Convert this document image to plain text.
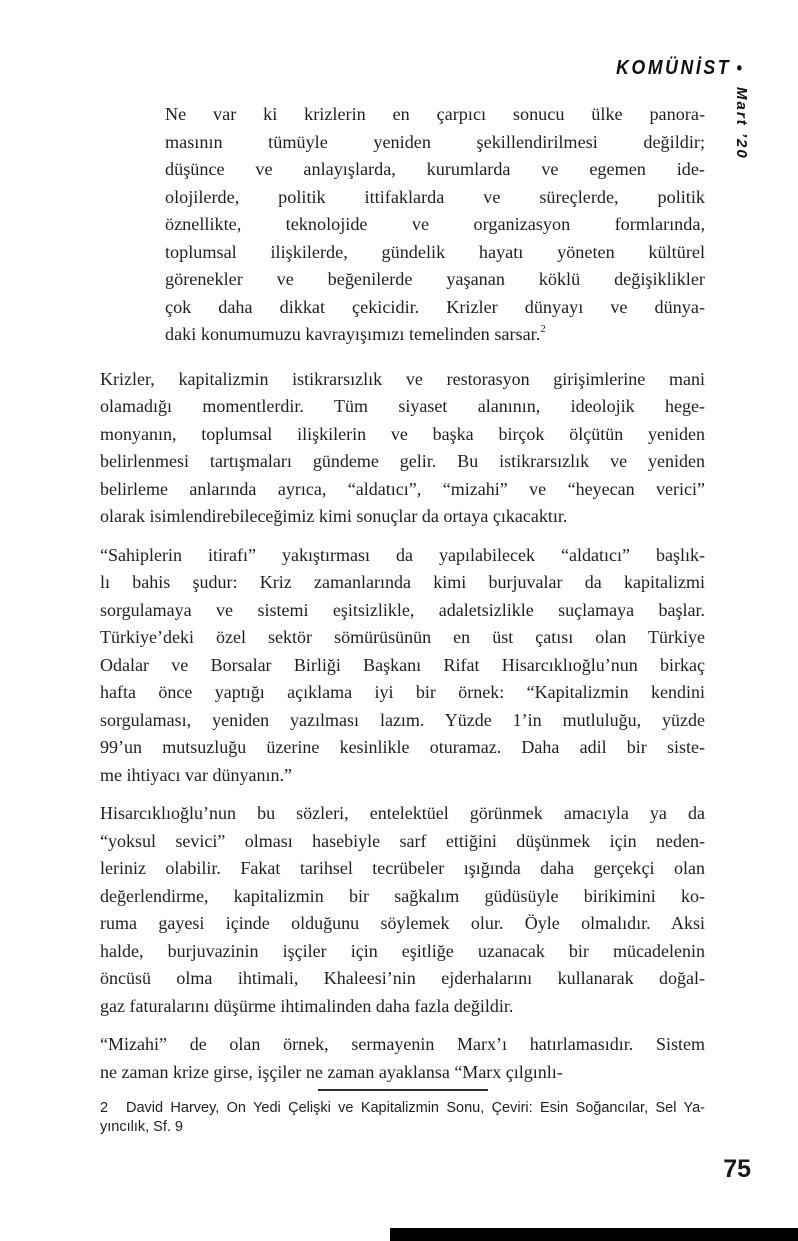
KOMÜNİST •
Mart ’20
Ne var ki krizlerin en çarpıcı sonucu ülke panora-
masının tümüyle yeniden şekillendirilmesi değildir;
düşünce ve anlayışlarda, kurumlarda ve egemen ide-
olojilerde, politik ittifaklarda ve süreçlerde, politik
öznellikte, teknolojide ve organizasyon formlarında,
toplumsal ilişkilerde, gündelik hayatı yöneten kültürel
görenekler ve beğenilerde yaşanan köklü değişiklikler
çok daha dikkat çekicidir. Krizler dünyayı ve dünya-
daki konumumuzu kavrayışımızı temelinden sarsar.$^2$
Krizler, kapitalizmin istikrarsızlık ve restorasyon girişimlerine mani
olamadığı momentlerdir. Tüm siyaset alanının, ideolojik hege-
monyanın, toplumsal ilişkilerin ve başka birçok ölçütün yeniden
belirlenmesi tartışmaları gündeme gelir. Bu istikrarsızlık ve yeniden
belirleme anlarında ayrıca, “aldatıcı”, “mizahi” ve “heyecan verici”
olarak isimlendirebileceğimiz kimi sonuçlar da ortaya çıkacaktır.
“Sahiplerin itirafı” yakıştırması da yapılabilecek “aldatıcı” başlık-
lı bahis şudur: Kriz zamanlarında kimi burjuvalar da kapitalizmi
sorgulamaya ve sistemi eşitsizlikle, adaletsizlikle suçlamaya başlar.
Türkiye’deki özel sektör sömürüsünün en üst çatısı olan Türkiye
Odalar ve Borsalar Birliği Başkanı Rifat Hisarcıklıoğlu’nun birkaç
hafta önce yaptığı açıklama iyi bir örnek: “Kapitalizmin kendini
sorgulaması, yeniden yazılması lazım. Yüzde 1’in mutluluğu, yüzde
99’un mutsuzluğu üzerine kesinlikle oturamaz. Daha adil bir siste-
me ihtiyacı var dünyanın.”
Hisarcıklıoğlu’nun bu sözleri, entelektüel görünmek amacıyla ya da
“yoksul sevici” olması hasebiyle sarf ettiğini düşünmek için neden-
leriniz olabilir. Fakat tarihsel tecrübeler ışığında daha gerçekçi olan
değerlendirme, kapitalizmin bir sağkalım güdüsüyle birikimini ko-
ruma gayesi içinde olduğunu söylemek olur. Öyle olmalıdır. Aksi
halde, burjuvazinin işçiler için eşitliğe uzanacak bir mücadelenin
öncüsü olma ihtimali, Khaleesi’nin ejderhalarını kullanarak doğal-
gaz faturalarını düşürme ihtimalinden daha fazla değildir.
“Mizahi” de olan örnek, sermayenin Marx’ı hatırlamasıdır. Sistem
ne zaman krize girse, işçiler ne zaman ayaklansa “Marx çılgınlı-
2 David Harvey, On Yedi Çelişki ve Kapitalizmin Sonu, Çeviri: Esin Soğancılar, Sel Ya-
yıncılık, Sf. 9
75
